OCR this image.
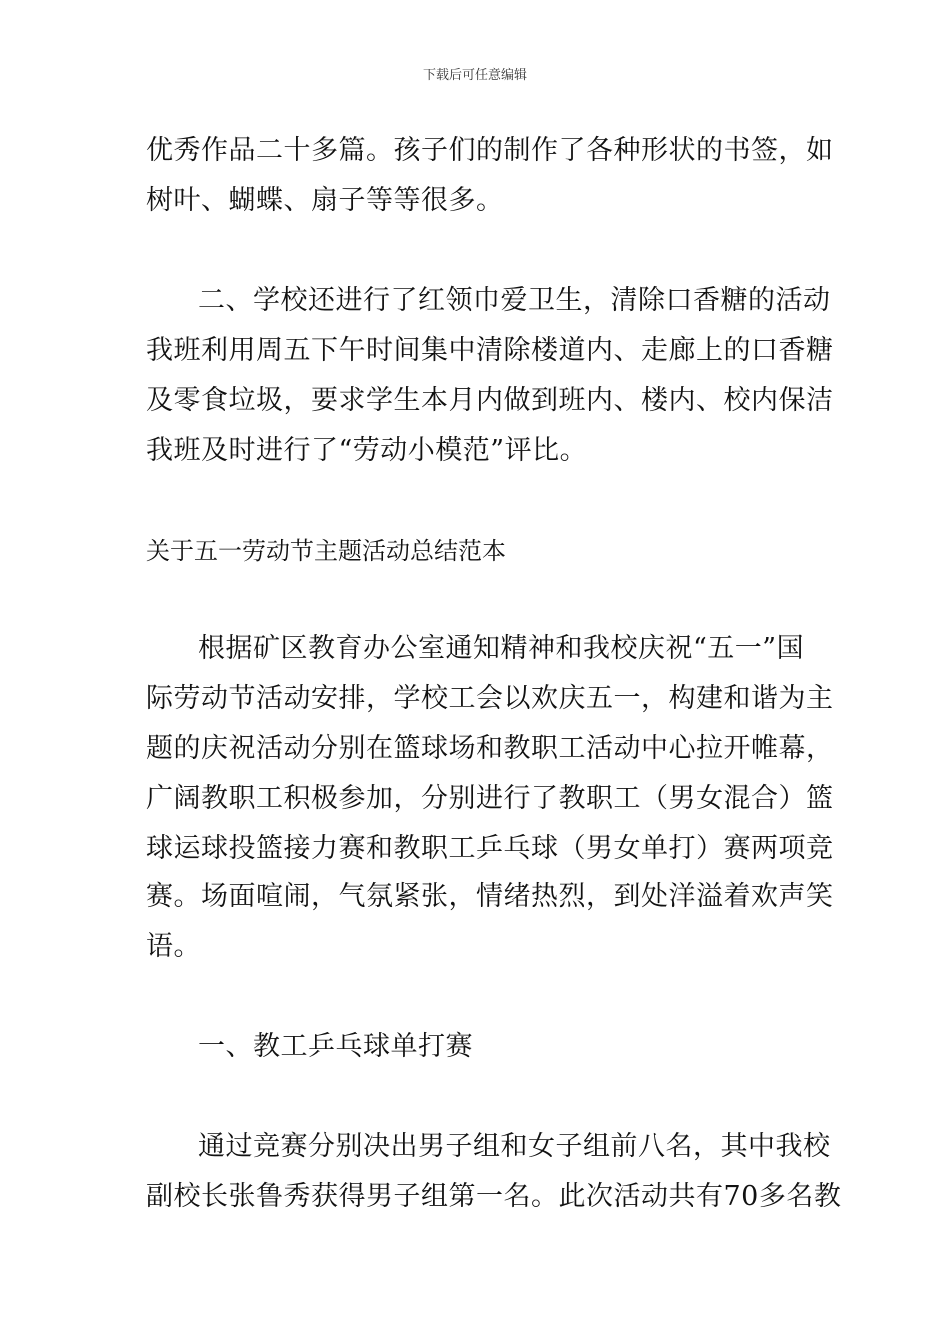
下载后可任意编辑
优秀作品二十多篇。孩子们的制作了各种形状的书签，如
树叶、蝴蝶、扇子等等很多。
二、学校还进行了红领巾爱卫生，清除口香糖的活动
我班利用周五下午时间集中清除楼道内、走廊上的口香糖
及零食垃圾，要求学生本月内做到班内、楼内、校内保洁
我班及时进行了“劳动小模范”评比。
关于五一劳动节主题活动总结范本
根据矿区教育办公室通知精神和我校庆祝“五一”国
际劳动节活动安排，学校工会以欢庆五一，构建和谐为主
题的庆祝活动分别在篮球场和教职工活动中心拉开帷幕，
广阔教职工积极参加，分别进行了教职工（男女混合）篮
球运球投篮接力赛和教职工乒乓球（男女单打）赛两项竞
赛。场面喧闹，气氛紧张，情绪热烈，到处洋溢着欢声笑
语。
一、教工乒乓球单打赛
通过竞赛分别决出男子组和女子组前八名，其中我校
副校长张鲁秀获得男子组第一名。此次活动共有70多名教
